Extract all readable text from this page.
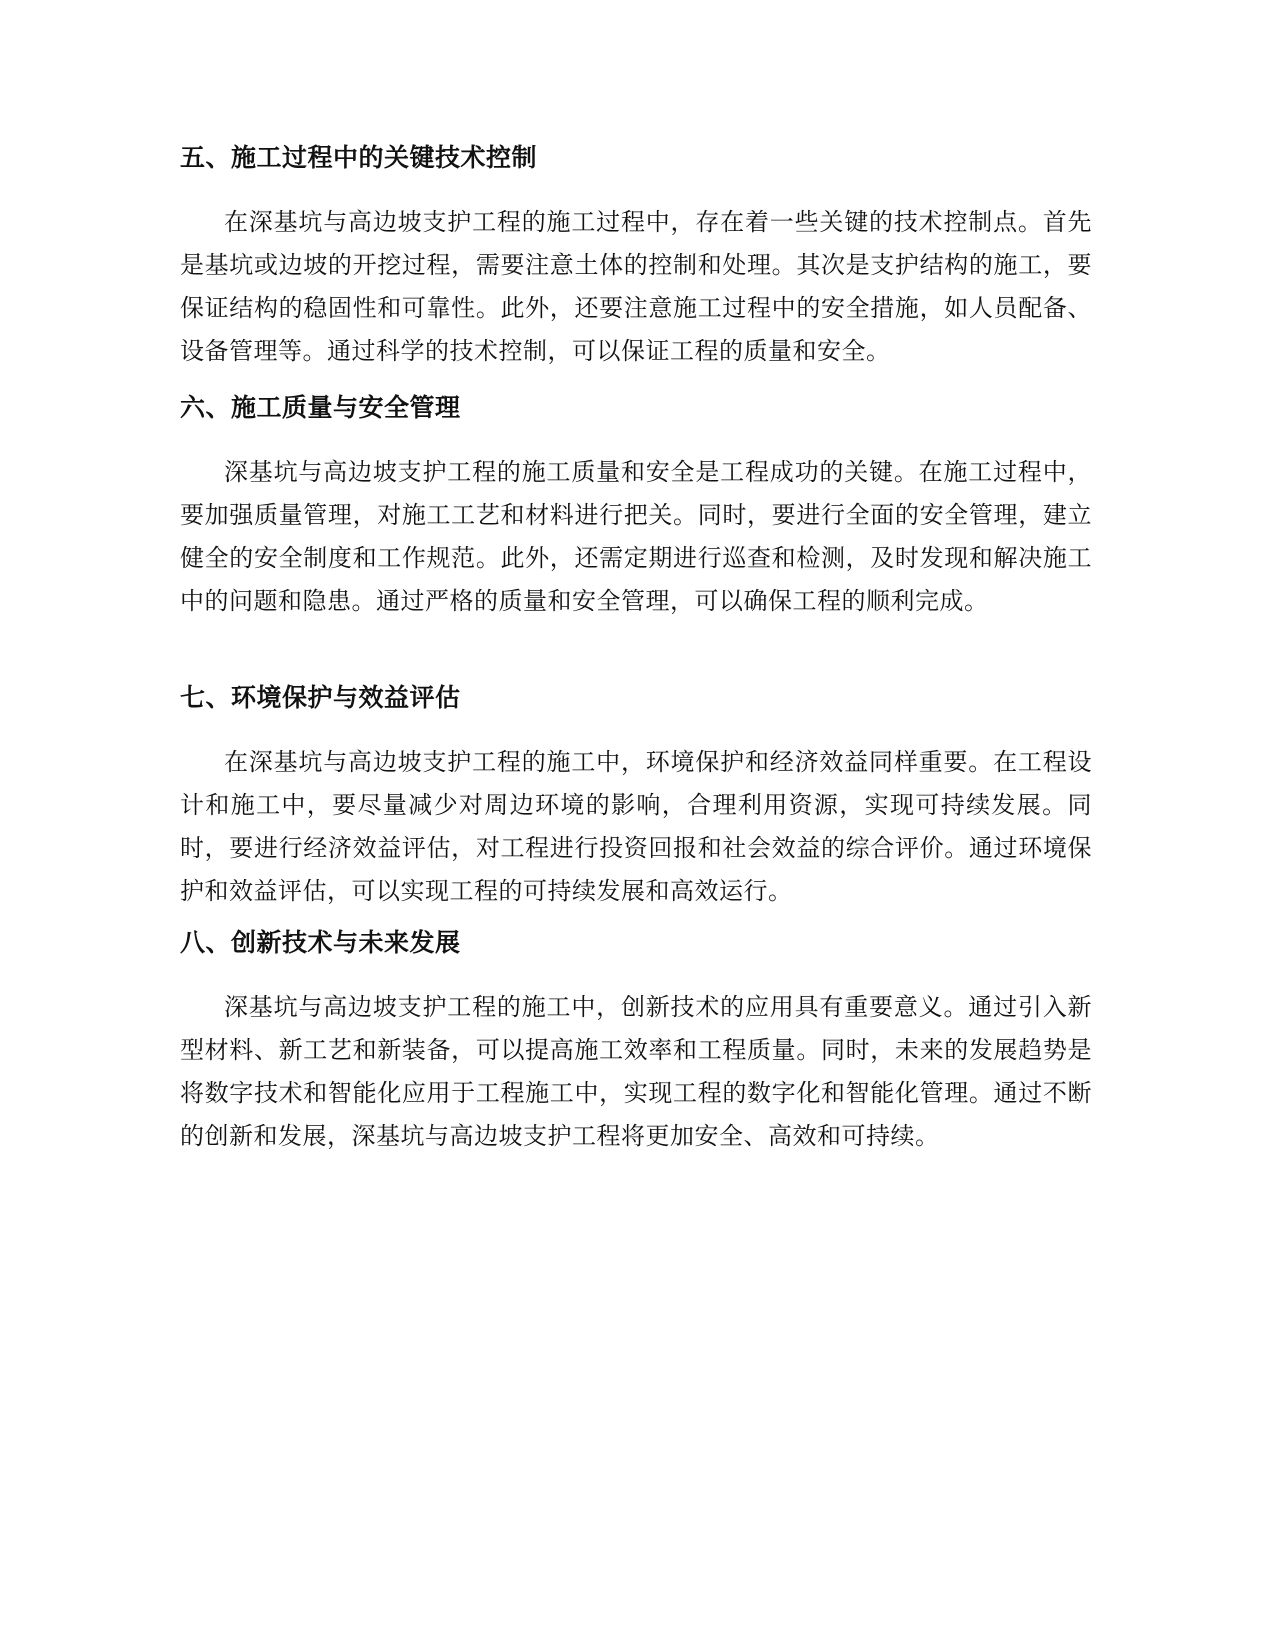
五、施工过程中的关键技术控制

在深基坑与高边坡支护工程的施工过程中，存在着一些关键的技术控制点。首先是基坑或边坡的开挖过程，需要注意土体的控制和处理。其次是支护结构的施工，要保证结构的稳固性和可靠性。此外，还要注意施工过程中的安全措施，如人员配备、设备管理等。通过科学的技术控制，可以保证工程的质量和安全。

六、施工质量与安全管理

深基坑与高边坡支护工程的施工质量和安全是工程成功的关键。在施工过程中，要加强质量管理，对施工工艺和材料进行把关。同时，要进行全面的安全管理，建立健全的安全制度和工作规范。此外，还需定期进行巡查和检测，及时发现和解决施工中的问题和隐患。通过严格的质量和安全管理，可以确保工程的顺利完成。

七、环境保护与效益评估

在深基坑与高边坡支护工程的施工中，环境保护和经济效益同样重要。在工程设计和施工中，要尽量减少对周边环境的影响，合理利用资源，实现可持续发展。同时，要进行经济效益评估，对工程进行投资回报和社会效益的综合评价。通过环境保护和效益评估，可以实现工程的可持续发展和高效运行。

八、创新技术与未来发展

深基坑与高边坡支护工程的施工中，创新技术的应用具有重要意义。通过引入新型材料、新工艺和新装备，可以提高施工效率和工程质量。同时，未来的发展趋势是将数字技术和智能化应用于工程施工中，实现工程的数字化和智能化管理。通过不断的创新和发展，深基坑与高边坡支护工程将更加安全、高效和可持续。
